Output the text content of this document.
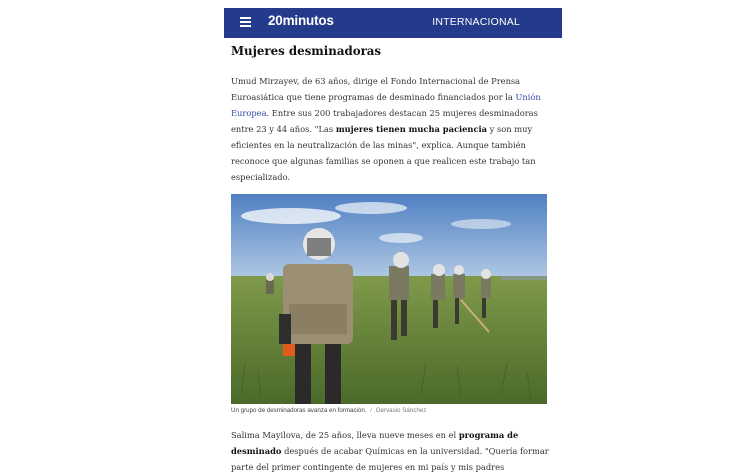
20minutos	INTERNACIONAL
Mujeres desminadoras

Umud Mirzayev, de 63 años, dirige el Fondo Internacional de Prensa Euroasiática que tiene programas de desminado financiados por la Unión Europea. Entre sus 200 trabajadores destacan 25 mujeres desminadoras entre 23 y 44 años. "Las mujeres tienen mucha paciencia y son muy eficientes en la neutralización de las minas", explica. Aunque también reconoce que algunas familias se oponen a que realicen este trabajo tan especializado.

Un grupo de desminadoras avanza en formación. / Gervasio Sánchez

Salima Mayilova, de 25 años, lleva nueve meses en el programa de desminado después de acabar Químicas en la universidad. "Quería formar parte del primer contingente de mujeres en mi país y mis padres
